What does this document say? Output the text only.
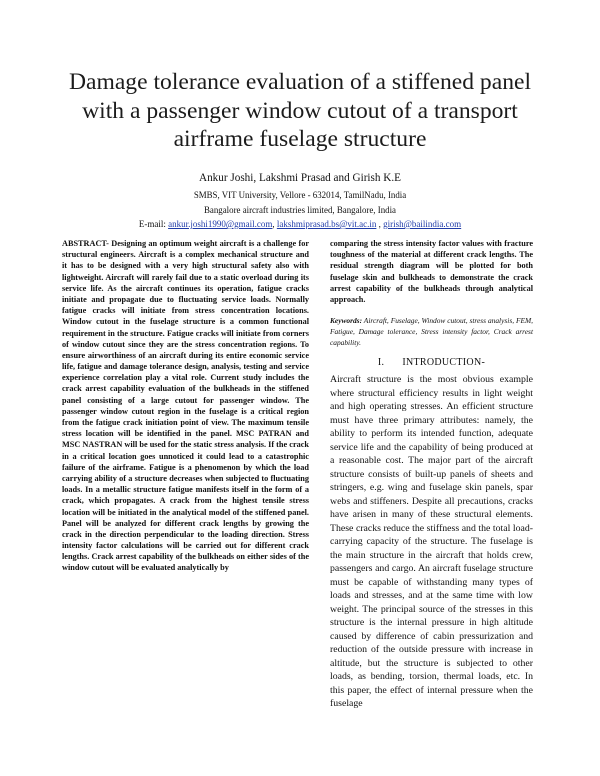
Damage tolerance evaluation of a stiffened panel with a passenger window cutout of a transport airframe fuselage structure
Ankur Joshi, Lakshmi Prasad and Girish K.E
SMBS, VIT University, Vellore - 632014, TamilNadu, India
Bangalore aircraft industries limited, Bangalore, India
E-mail: ankur.joshi1990@gmail.com, lakshmiprasad.bs@vit.ac.in , girish@bailindia.com
ABSTRACT- Designing an optimum weight aircraft is a challenge for structural engineers. Aircraft is a complex mechanical structure and it has to be designed with a very high structural safety also with lightweight. Aircraft will rarely fail due to a static overload during its service life. As the aircraft continues its operation, fatigue cracks initiate and propagate due to fluctuating service loads. Normally fatigue cracks will initiate from stress concentration locations. Window cutout in the fuselage structure is a common functional requirement in the structure. Fatigue cracks will initiate from corners of window cutout since they are the stress concentration regions. To ensure airworthiness of an aircraft during its entire economic service life, fatigue and damage tolerance design, analysis, testing and service experience correlation play a vital role. Current study includes the crack arrest capability evaluation of the bulkheads in the stiffened panel consisting of a large cutout for passenger window. The passenger window cutout region in the fuselage is a critical region from the fatigue crack initiation point of view. The maximum tensile stress location will be identified in the panel. MSC PATRAN and MSC NASTRAN will be used for the static stress analysis. If the crack in a critical location goes unnoticed it could lead to a catastrophic failure of the airframe. Fatigue is a phenomenon by which the load carrying ability of a structure decreases when subjected to fluctuating loads. In a metallic structure fatigue manifests itself in the form of a crack, which propagates. A crack from the highest tensile stress location will be initiated in the analytical model of the stiffened panel. Panel will be analyzed for different crack lengths by growing the crack in the direction perpendicular to the loading direction. Stress intensity factor calculations will be carried out for different crack lengths. Crack arrest capability of the bulkheads on either sides of the window cutout will be evaluated analytically by
comparing the stress intensity factor values with fracture toughness of the material at different crack lengths. The residual strength diagram will be plotted for both fuselage skin and bulkheads to demonstrate the crack arrest capability of the bulkheads through analytical approach.
Keywords: Aircraft, Fuselage, Window cutout, stress analysis, FEM, Fatigue, Damage tolerance, Stress intensity factor, Crack arrest capability.
I. INTRODUCTION-
Aircraft structure is the most obvious example where structural efficiency results in light weight and high operating stresses. An efficient structure must have three primary attributes: namely, the ability to perform its intended function, adequate service life and the capability of being produced at a reasonable cost. The major part of the aircraft structure consists of built-up panels of sheets and stringers, e.g. wing and fuselage skin panels, spar webs and stiffeners. Despite all precautions, cracks have arisen in many of these structural elements. These cracks reduce the stiffness and the total load-carrying capacity of the structure. The fuselage is the main structure in the aircraft that holds crew, passengers and cargo. An aircraft fuselage structure must be capable of withstanding many types of loads and stresses, and at the same time with low weight. The principal source of the stresses in this structure is the internal pressure in high altitude caused by difference of cabin pressurization and reduction of the outside pressure with increase in altitude, but the structure is subjected to other loads, as bending, torsion, thermal loads, etc. In this paper, the effect of internal pressure when the fuselage
